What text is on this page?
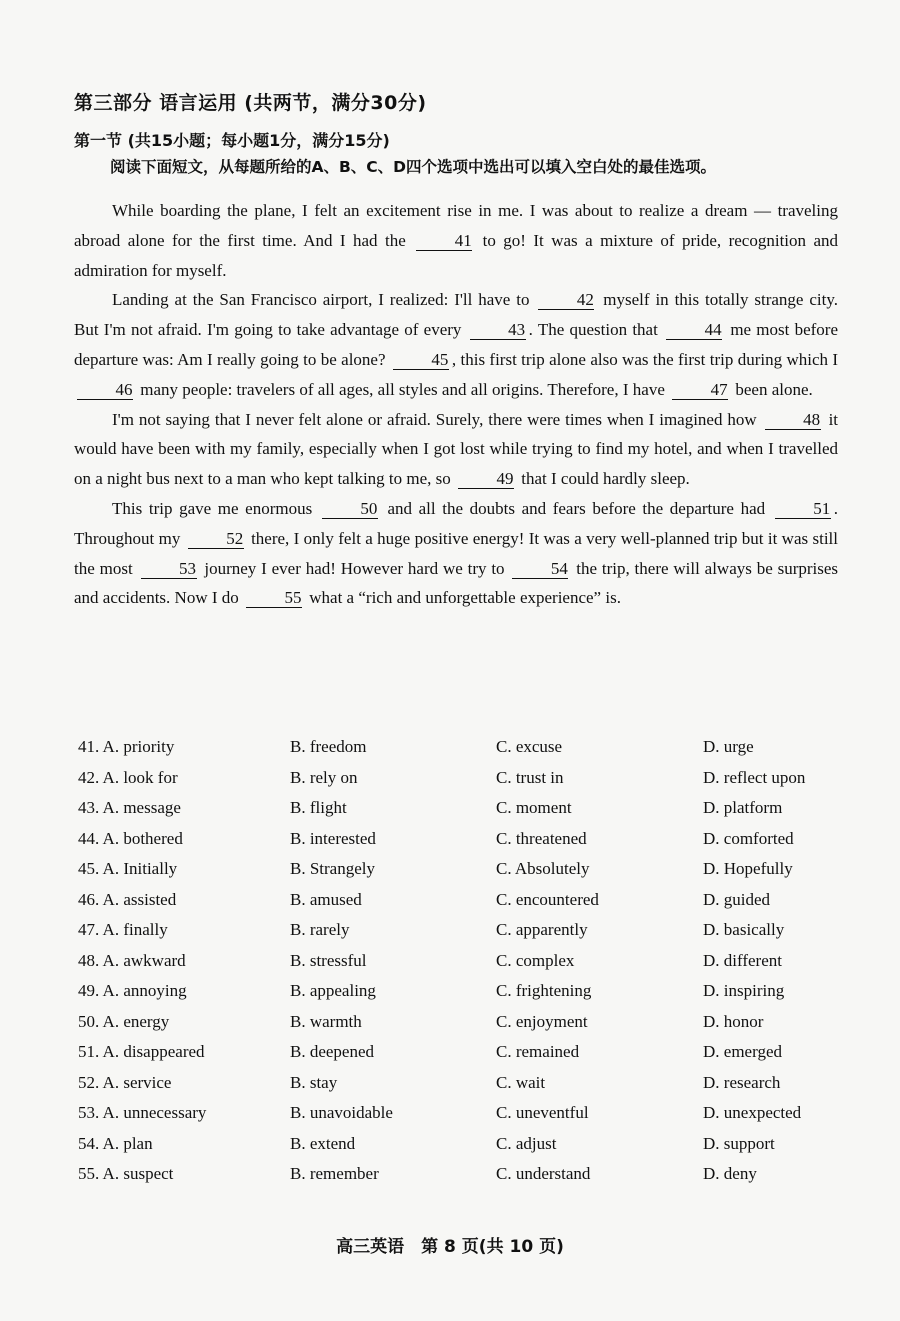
第三部分 语言运用 (共两节，满分30分)
第一节 (共15小题；每小题1分，满分15分)
阅读下面短文，从每题所给的A、B、C、D四个选项中选出可以填入空白处的最佳选项。

While boarding the plane, I felt an excitement rise in me. I was about to realize a dream — traveling abroad alone for the first time. And I had the	41 to go! It was a mixture of pride, recognition and admiration for myself.

Landing at the San Francisco airport, I realized: I'll have to	42 myself in this totally strange city. But I'm not afraid. I'm going to take advantage of every	43 . The question that	44 me most before departure was: Am I really going to be alone?	45 , this first trip alone also was the first trip during which I 46 many people: travelers of all ages, all styles and all origins. Therefore, I have	47 been alone.

I'm not saying that I never felt alone or afraid. Surely, there were times when I imagined how	48 it would have been with my family, especially when I got lost while trying to find my hotel, and when I travelled on a night bus next to a man who kept talking to me, so	49 that I could hardly sleep.

This trip gave me enormous	50 and all the doubts and fears before the departure had	51 . Throughout my	52 there, I only felt a huge positive energy! It was a very well-planned trip but it was still the most	53 journey I ever had! However hard we try to	54 the trip, there will always be surprises and accidents. Now I do	55 what a “rich and unforgettable experience” is.

41. A. priority	B. freedom	C. excuse	D. urge
42. A. look for	B. rely on	C. trust in	D. reflect upon
43. A. message	B. flight	C. moment	D. platform
44. A. bothered	B. interested	C. threatened	D. comforted
45. A. Initially	B. Strangely	C. Absolutely	D. Hopefully
46. A. assisted	B. amused	C. encountered	D. guided
47. A. finally	B. rarely	C. apparently	D. basically
48. A. awkward	B. stressful	C. complex	D. different
49. A. annoying	B. appealing	C. frightening	D. inspiring
50. A. energy	B. warmth	C. enjoyment	D. honor
51. A. disappeared	B. deepened	C. remained	D. emerged
52. A. service	B. stay	C. wait	D. research
53. A. unnecessary	B. unavoidable	C. uneventful	D. unexpected
54. A. plan	B. extend	C. adjust	D. support
55. A. suspect	B. remember	C. understand	D. deny
高三英语　第 8 页(共 10 页)
